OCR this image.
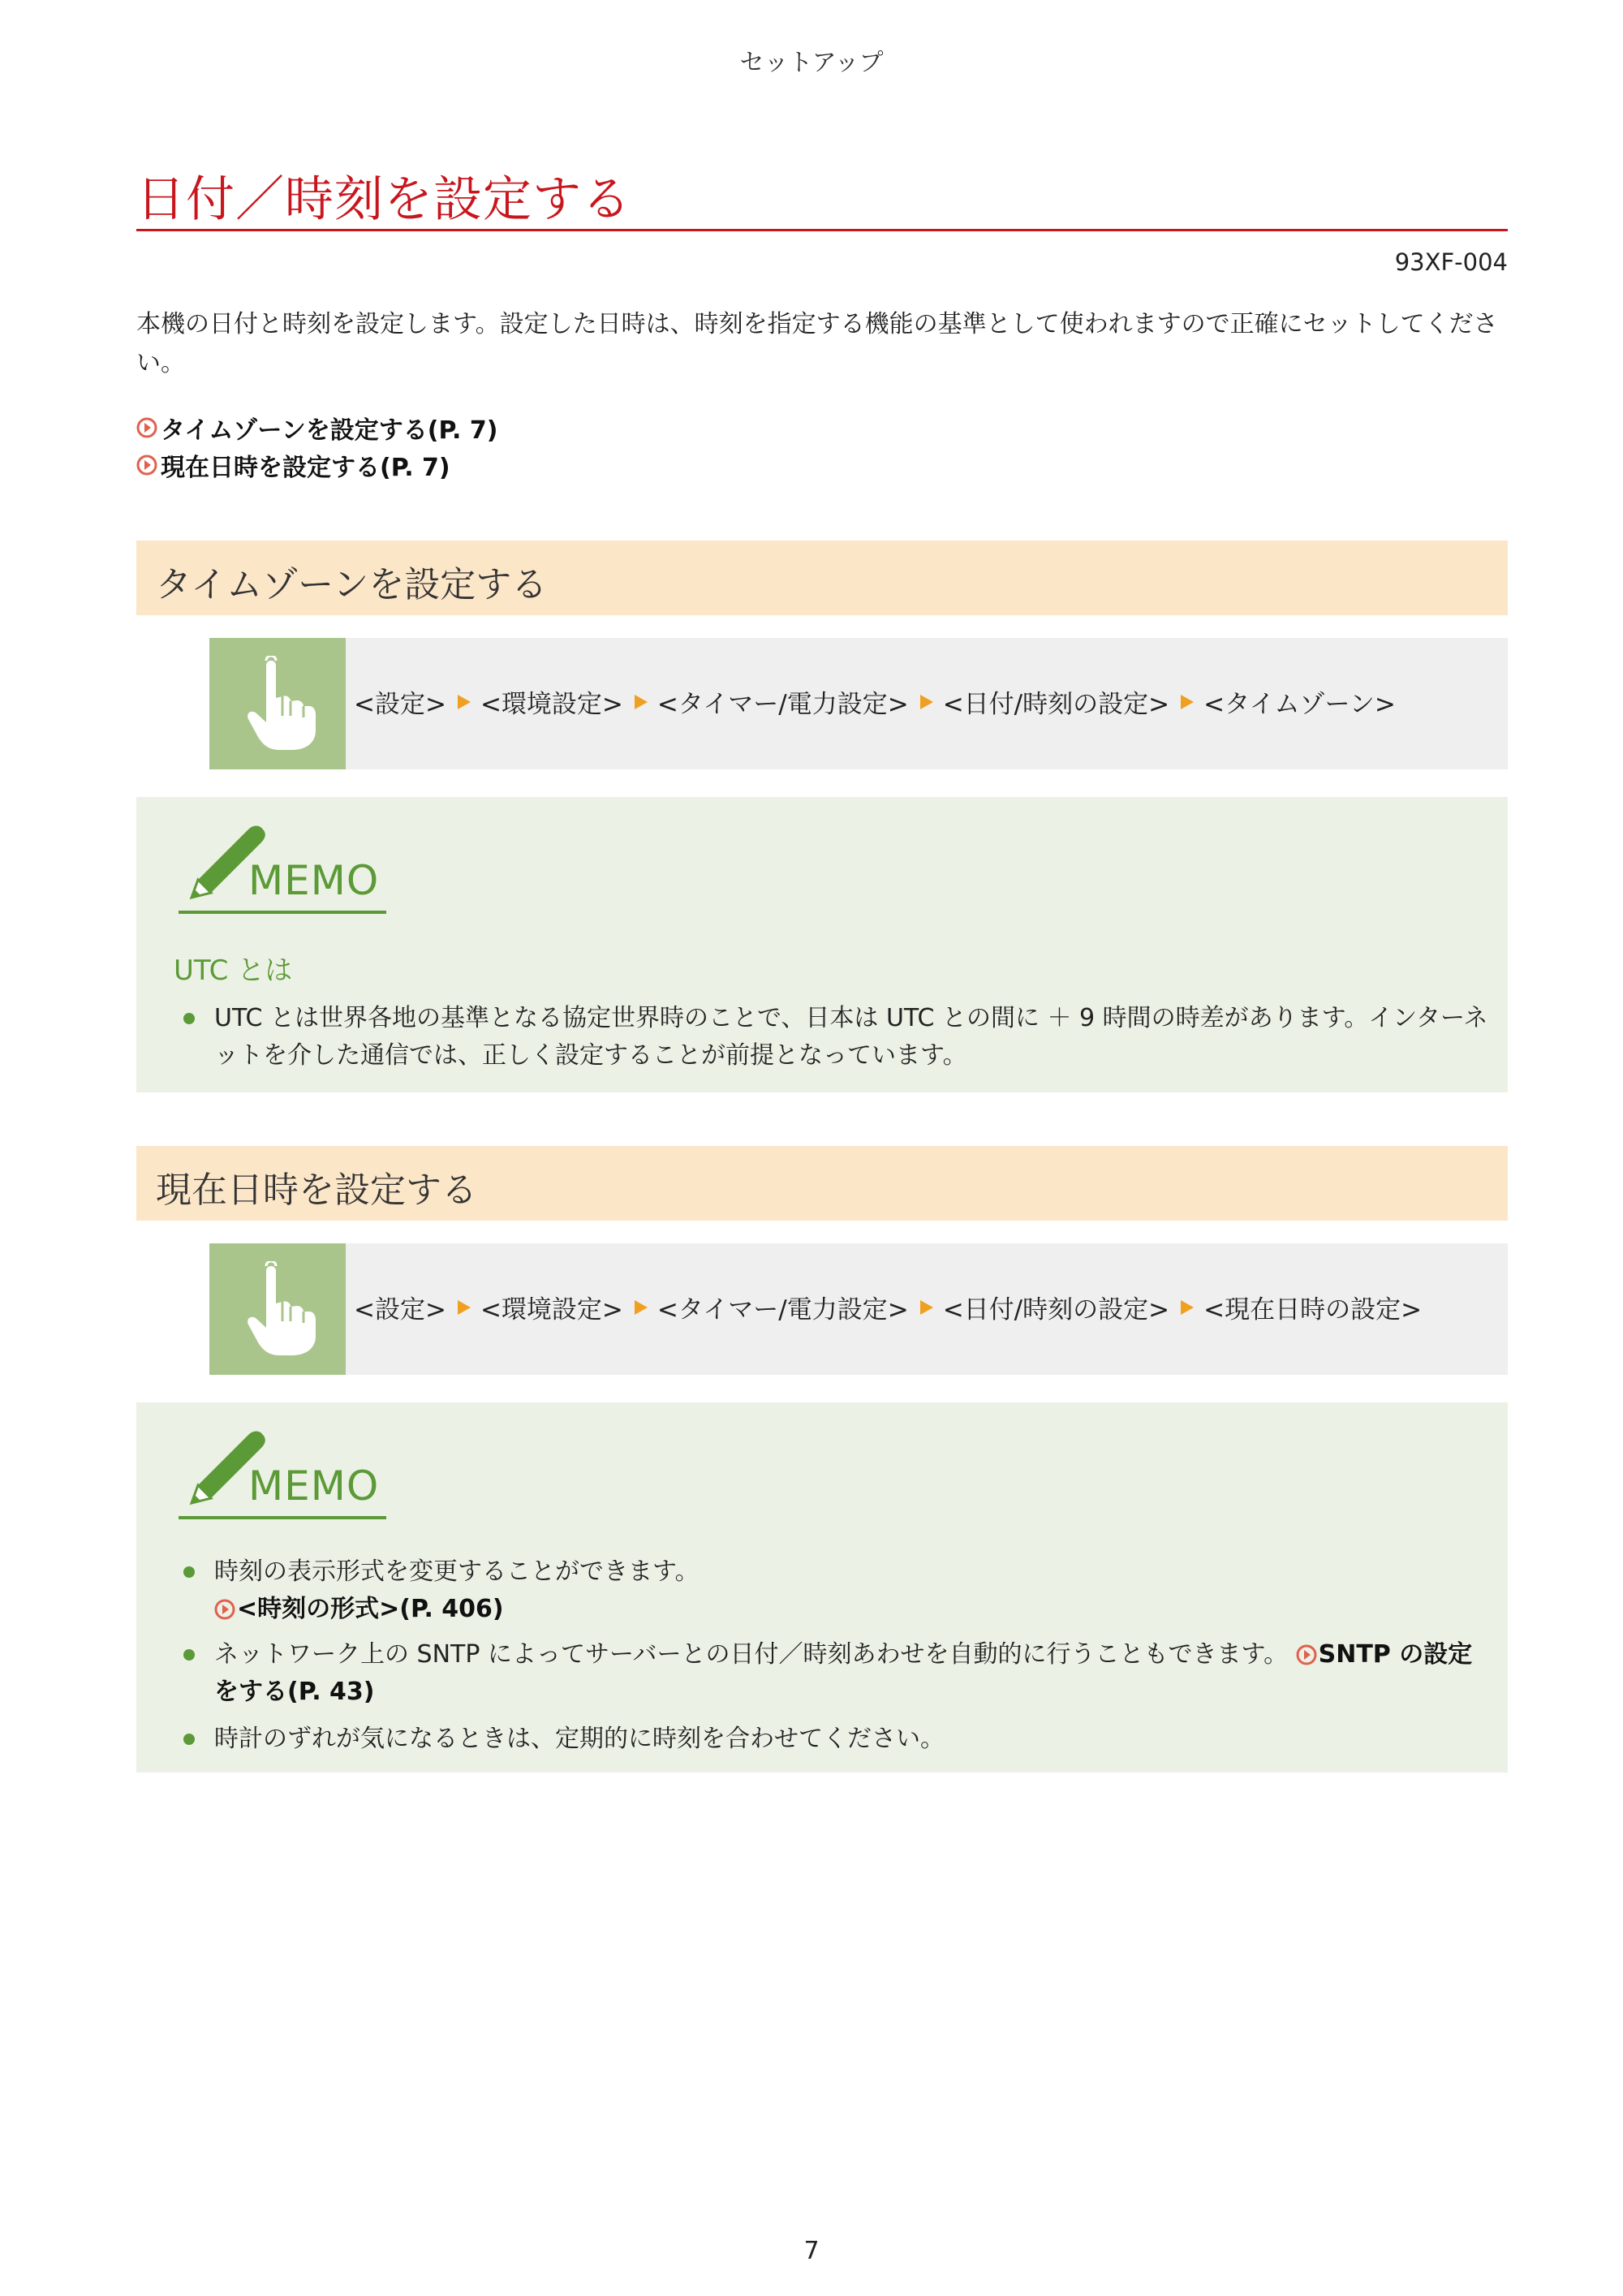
セットアップ
日付／時刻を設定する
93XF-004

本機の日付と時刻を設定します。設定した日時は、時刻を指定する機能の基準として使われますので正確にセットしてください。

タイムゾーンを設定する(P. 7)
現在日時を設定する(P. 7)
タイムゾーンを設定する
<設定> <環境設定> <タイマー/電力設定> <日付/時刻の設定> <タイムゾーン>
MEMO
UTC とは
UTC とは世界各地の基準となる協定世界時のことで、日本は UTC との間に ＋ 9 時間の時差があります。インターネットを介した通信では、正しく設定することが前提となっています。
現在日時を設定する
<設定> <環境設定> <タイマー/電力設定> <日付/時刻の設定> <現在日時の設定>
MEMO
時刻の表示形式を変更することができます。
<時刻の形式>(P. 406)
ネットワーク上の SNTP によってサーバーとの日付／時刻あわせを自動的に行うこともできます。 SNTP の設定をする(P. 43)
時計のずれが気になるときは、定期的に時刻を合わせてください。
7
